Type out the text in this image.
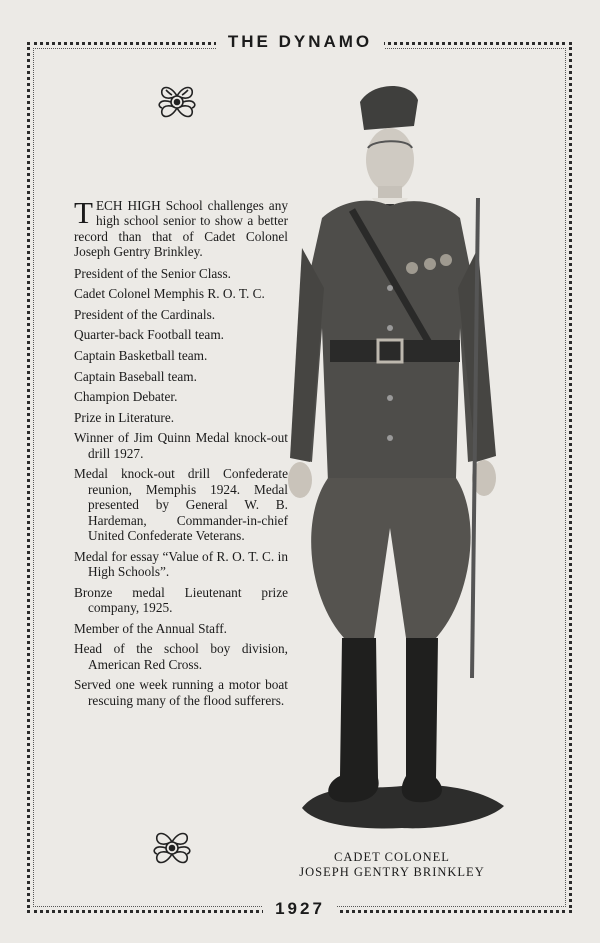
THE DYNAMO

TECH HIGH School challenges any high school senior to show a better record than that of Cadet Colonel Joseph Gentry Brinkley.

President of the Senior Class.

Cadet Colonel Memphis R. O. T. C.

President of the Cardinals.

Quarter-back Football team.

Captain Basketball team.

Captain Baseball team.

Champion Debater.

Prize in Literature.

Winner of Jim Quinn Medal knock-out drill 1927.

Medal knock-out drill Confederate reunion, Memphis 1924. Medal presented by General W. B. Hardeman, Commander-in-chief United Confederate Veterans.

Medal for essay “Value of R. O. T. C. in High Schools”.

Bronze medal Lieutenant prize company, 1925.

Member of the Annual Staff.

Head of the school boy division, American Red Cross.

Served one week running a motor boat rescuing many of the flood sufferers.

CADET COLONEL
JOSEPH GENTRY BRINKLEY
1927
